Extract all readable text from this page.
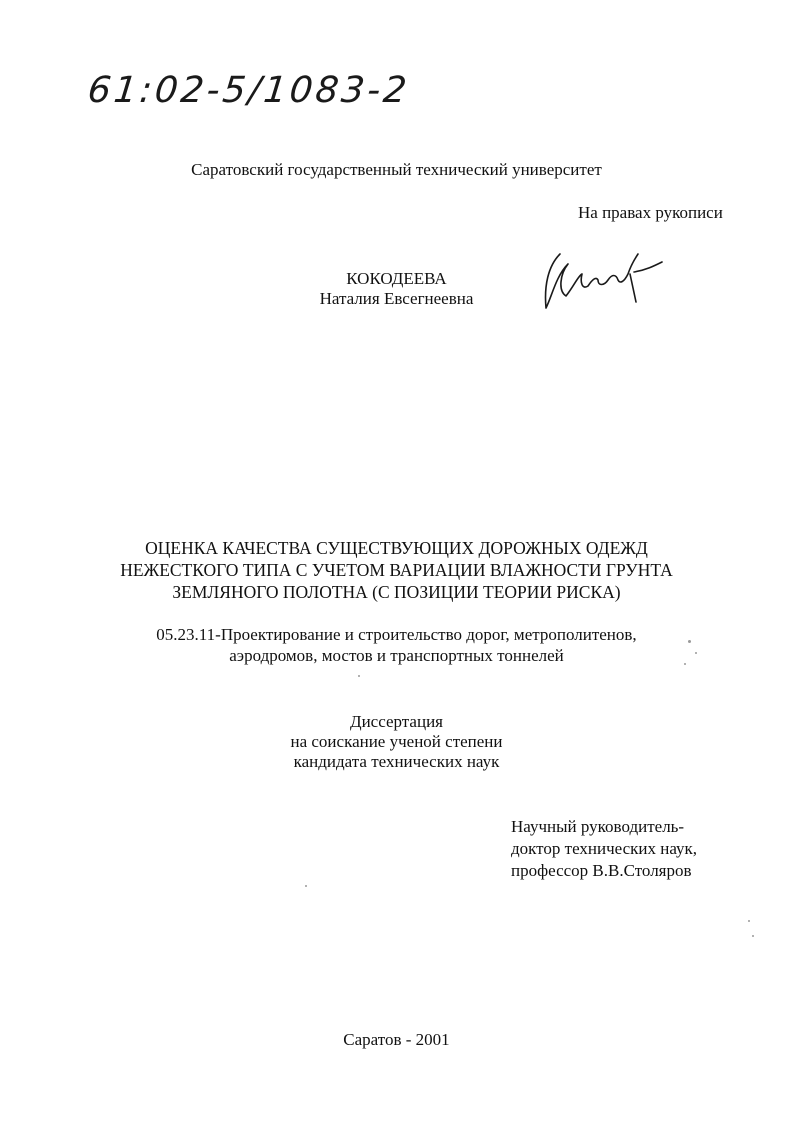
61:02-5/1083-2
Саратовский государственный технический университет
На правах рукописи
КОКОДЕЕВА
Наталия Евсегнеевна
ОЦЕНКА КАЧЕСТВА СУЩЕСТВУЮЩИХ ДОРОЖНЫХ ОДЕЖД
НЕЖЕСТКОГО ТИПА С УЧЕТОМ ВАРИАЦИИ ВЛАЖНОСТИ ГРУНТА
ЗЕМЛЯНОГО ПОЛОТНА (С ПОЗИЦИИ ТЕОРИИ РИСКА)
05.23.11-Проектирование и строительство дорог, метрополитенов,
аэродромов, мостов и транспортных тоннелей
Диссертация
на соискание ученой степени
кандидата технических наук
Научный руководитель-
доктор технических наук,
профессор В.В.Столяров
Саратов - 2001
